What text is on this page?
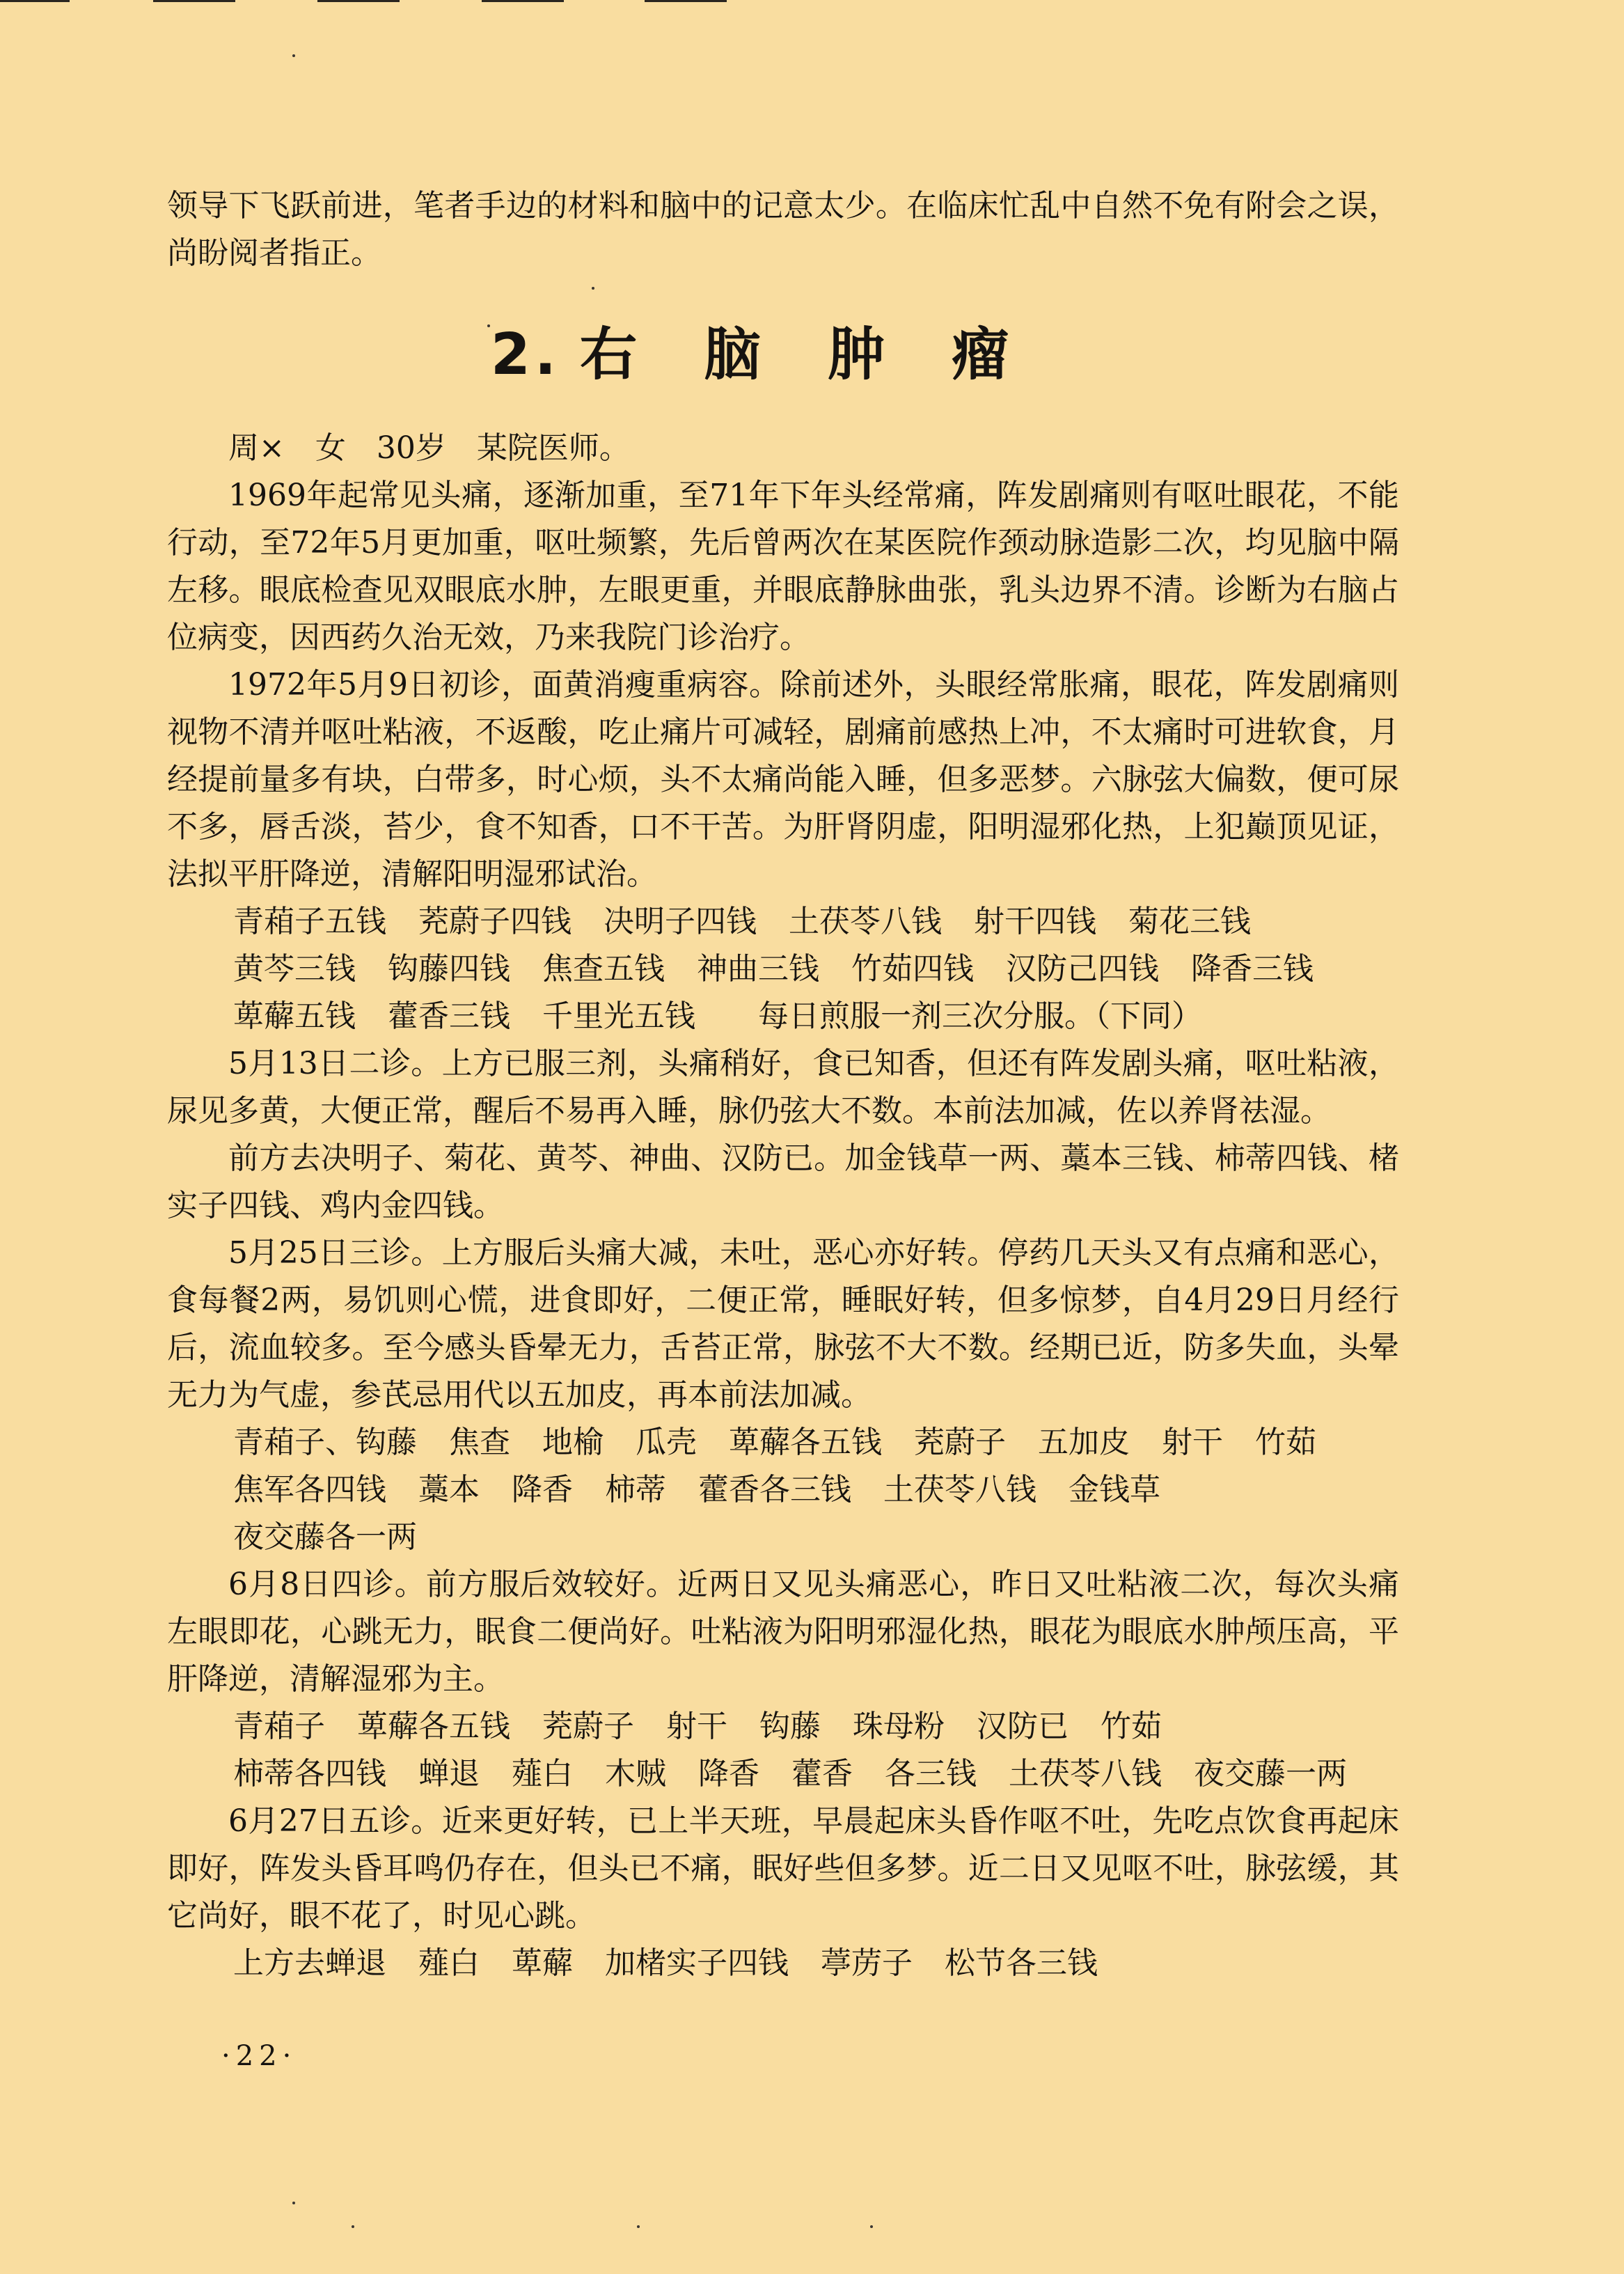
领导下飞跃前进，笔者手边的材料和脑中的记意太少。在临床忙乱中自然不免有附会之误，尚盼阅者指正。

2. 右 脑 肿 瘤

周×　女　30岁　某院医师。

1969年起常见头痛，逐渐加重，至71年下年头经常痛，阵发剧痛则有呕吐眼花，不能行动，至72年5月更加重，呕吐频繁，先后曾两次在某医院作颈动脉造影二次，均见脑中隔左移。眼底检查见双眼底水肿，左眼更重，并眼底静脉曲张，乳头边界不清。诊断为右脑占位病变，因西药久治无效，乃来我院门诊治疗。

1972年5月9日初诊，面黄消瘦重病容。除前述外，头眼经常胀痛，眼花，阵发剧痛则视物不清并呕吐粘液，不返酸，吃止痛片可减轻，剧痛前感热上冲，不太痛时可进软食，月经提前量多有块，白带多，时心烦，头不太痛尚能入睡，但多恶梦。六脉弦大偏数，便可尿不多，唇舌淡，苔少，食不知香，口不干苦。为肝肾阴虚，阳明湿邪化热，上犯巅顶见证，法拟平肝降逆，清解阳明湿邪试治。

青葙子五钱 茺蔚子四钱 决明子四钱 土茯苓八钱 射干四钱 菊花三钱
黄芩三钱 钩藤四钱 焦查五钱 神曲三钱 竹茹四钱 汉防己四钱 降香三钱
萆薢五钱 藿香三钱 千里光五钱　每日煎服一剂三次分服。（下同）

5月13日二诊。上方已服三剂，头痛稍好，食已知香，但还有阵发剧头痛，呕吐粘液，尿见多黄，大便正常，醒后不易再入睡，脉仍弦大不数。本前法加减，佐以养肾祛湿。

前方去决明子、菊花、黄芩、神曲、汉防已。加金钱草一两、藁本三钱、柿蒂四钱、楮实子四钱、鸡内金四钱。

5月25日三诊。上方服后头痛大减，未吐，恶心亦好转。停药几天头又有点痛和恶心，食每餐2两，易饥则心慌，进食即好，二便正常，睡眠好转，但多惊梦，自4月29日月经行后，流血较多。至今感头昏晕无力，舌苔正常，脉弦不大不数。经期已近，防多失血，头晕无力为气虚，参芪忌用代以五加皮，再本前法加减。

青葙子、钩藤 焦查 地榆 瓜壳 萆薢各五钱 茺蔚子 五加皮 射干 竹茹
焦军各四钱 藁本 降香 柿蒂 藿香各三钱 土茯苓八钱 金钱草
夜交藤各一两

6月8日四诊。前方服后效较好。近两日又见头痛恶心，昨日又吐粘液二次，每次头痛左眼即花，心跳无力，眠食二便尚好。吐粘液为阳明邪湿化热，眼花为眼底水肿颅压高，平肝降逆，清解湿邪为主。

青葙子 萆薢各五钱 茺蔚子 射干 钩藤 珠母粉 汉防已 竹茹
柿蒂各四钱 蝉退 薤白 木贼 降香 藿香 各三钱 土茯苓八钱 夜交藤一两

6月27日五诊。近来更好转，已上半天班，早晨起床头昏作呕不吐，先吃点饮食再起床即好，阵发头昏耳鸣仍存在，但头已不痛，眠好些但多梦。近二日又见呕不吐，脉弦缓，其它尚好，眼不花了，时见心跳。

上方去蝉退 薤白 萆薢 加楮实子四钱 葶苈子 松节各三钱
·22·
